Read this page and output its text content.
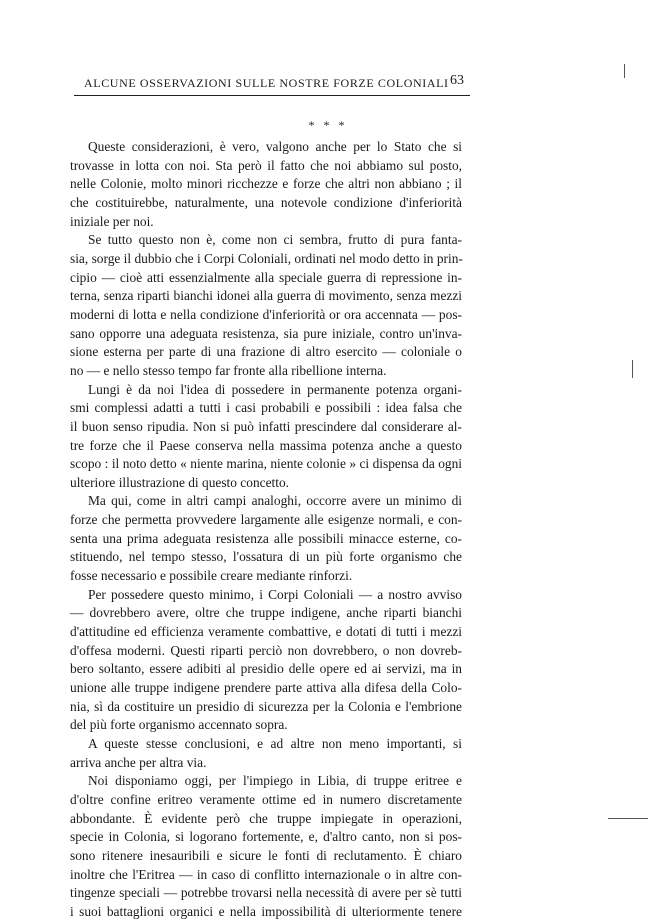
ALCUNE OSSERVAZIONI SULLE NOSTRE FORZE COLONIALI 63
* * *
Queste considerazioni, è vero, valgono anche per lo Stato che si
trovasse in lotta con noi. Sta però il fatto che noi abbiamo sul posto,
nelle Colonie, molto minori ricchezze e forze che altri non abbiano ; il
che costituirebbe, naturalmente, una notevole condizione d'inferiorità
iniziale per noi.
Se tutto questo non è, come non ci sembra, frutto di pura fanta-
sia, sorge il dubbio che i Corpi Coloniali, ordinati nel modo detto in prin-
cipio — cioè atti essenzialmente alla speciale guerra di repressione in-
terna, senza riparti bianchi idonei alla guerra di movimento, senza mezzi
moderni di lotta e nella condizione d'inferiorità or ora accennata — pos-
sano opporre una adeguata resistenza, sia pure iniziale, contro un'inva-
sione esterna per parte di una frazione di altro esercito — coloniale o
no — e nello stesso tempo far fronte alla ribellione interna.
Lungi è da noi l'idea di possedere in permanente potenza organi-
smi complessi adatti a tutti i casi probabili e possibili : idea falsa che
il buon senso ripudia. Non si può infatti prescindere dal considerare al-
tre forze che il Paese conserva nella massima potenza anche a questo
scopo : il noto detto « niente marina, niente colonie » ci dispensa da ogni
ulteriore illustrazione di questo concetto.
Ma qui, come in altri campi analoghi, occorre avere un minimo di
forze che permetta provvedere largamente alle esigenze normali, e con-
senta una prima adeguata resistenza alle possibili minacce esterne, co-
stituendo, nel tempo stesso, l'ossatura di un più forte organismo che
fosse necessario e possibile creare mediante rinforzi.
Per possedere questo minimo, i Corpi Coloniali — a nostro avviso
— dovrebbero avere, oltre che truppe indigene, anche riparti bianchi
d'attitudine ed efficienza veramente combattive, e dotati di tutti i mezzi
d'offesa moderni. Questi riparti perciò non dovrebbero, o non dovreb-
bero soltanto, essere adibiti al presidio delle opere ed ai servizi, ma in
unione alle truppe indigene prendere parte attiva alla difesa della Colo-
nia, sì da costituire un presidio di sicurezza per la Colonia e l'embrione
del più forte organismo accennato sopra.
A queste stesse conclusioni, e ad altre non meno importanti, si
arriva anche per altra via.
Noi disponiamo oggi, per l'impiego in Libia, di truppe eritree e
d'oltre confine eritreo veramente ottime ed in numero discretamente
abbondante. È evidente però che truppe impiegate in operazioni,
specie in Colonia, si logorano fortemente, e, d'altro canto, non si pos-
sono ritenere inesauribili e sicure le fonti di reclutamento. È chiaro
inoltre che l'Eritrea — in caso di conflitto internazionale o in altre con-
tingenze speciali — potrebbe trovarsi nella necessità di avere per sè tutti
i suoi battaglioni organici e nella impossibilità di ulteriormente tenere
